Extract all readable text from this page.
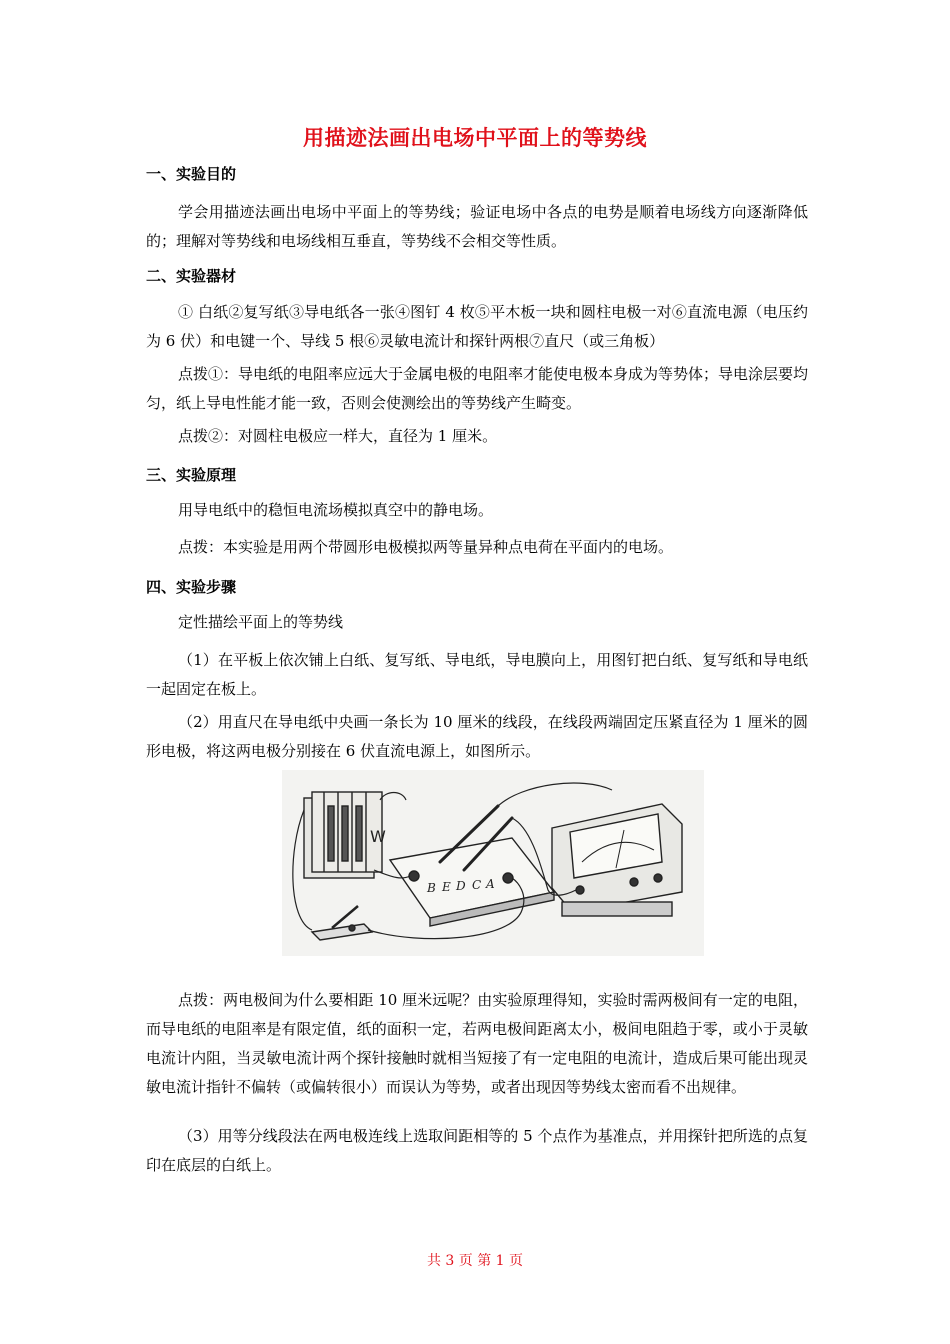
用描迹法画出电场中平面上的等势线
一、实验目的
学会用描迹法画出电场中平面上的等势线；验证电场中各点的电势是顺着电场线方向逐渐降低的；理解对等势线和电场线相互垂直，等势线不会相交等性质。
二、实验器材
① 白纸②复写纸③导电纸各一张④图钉 4 枚⑤平木板一块和圆柱电极一对⑥直流电源（电压约为 6 伏）和电键一个、导线 5 根⑥灵敏电流计和探针两根⑦直尺（或三角板）
点拨①：导电纸的电阻率应远大于金属电极的电阻率才能使电极本身成为等势体；导电涂层要均匀，纸上导电性能才能一致，否则会使测绘出的等势线产生畸变。
点拨②：对圆柱电极应一样大，直径为 1 厘米。
三、实验原理
用导电纸中的稳恒电流场模拟真空中的静电场。
点拨：本实验是用两个带圆形电极模拟两等量异种点电荷在平面内的电场。
四、实验步骤
定性描绘平面上的等势线
（1）在平板上依次铺上白纸、复写纸、导电纸，导电膜向上，用图钉把白纸、复写纸和导电纸一起固定在板上。
（2）用直尺在导电纸中央画一条长为 10 厘米的线段，在线段两端固定压紧直径为 1 厘米的圆形电极，将这两电极分别接在 6 伏直流电源上，如图所示。
W
B E D C A
点拨：两电极间为什么要相距 10 厘米远呢？由实验原理得知，实验时需两极间有一定的电阻，而导电纸的电阻率是有限定值，纸的面积一定，若两电极间距离太小，极间电阻趋于零，或小于灵敏电流计内阻，当灵敏电流计两个探针接触时就相当短接了有一定电阻的电流计，造成后果可能出现灵敏电流计指针不偏转（或偏转很小）而误认为等势，或者出现因等势线太密而看不出规律。
（3）用等分线段法在两电极连线上选取间距相等的 5 个点作为基准点，并用探针把所选的点复印在底层的白纸上。
共 3 页 第 1 页
